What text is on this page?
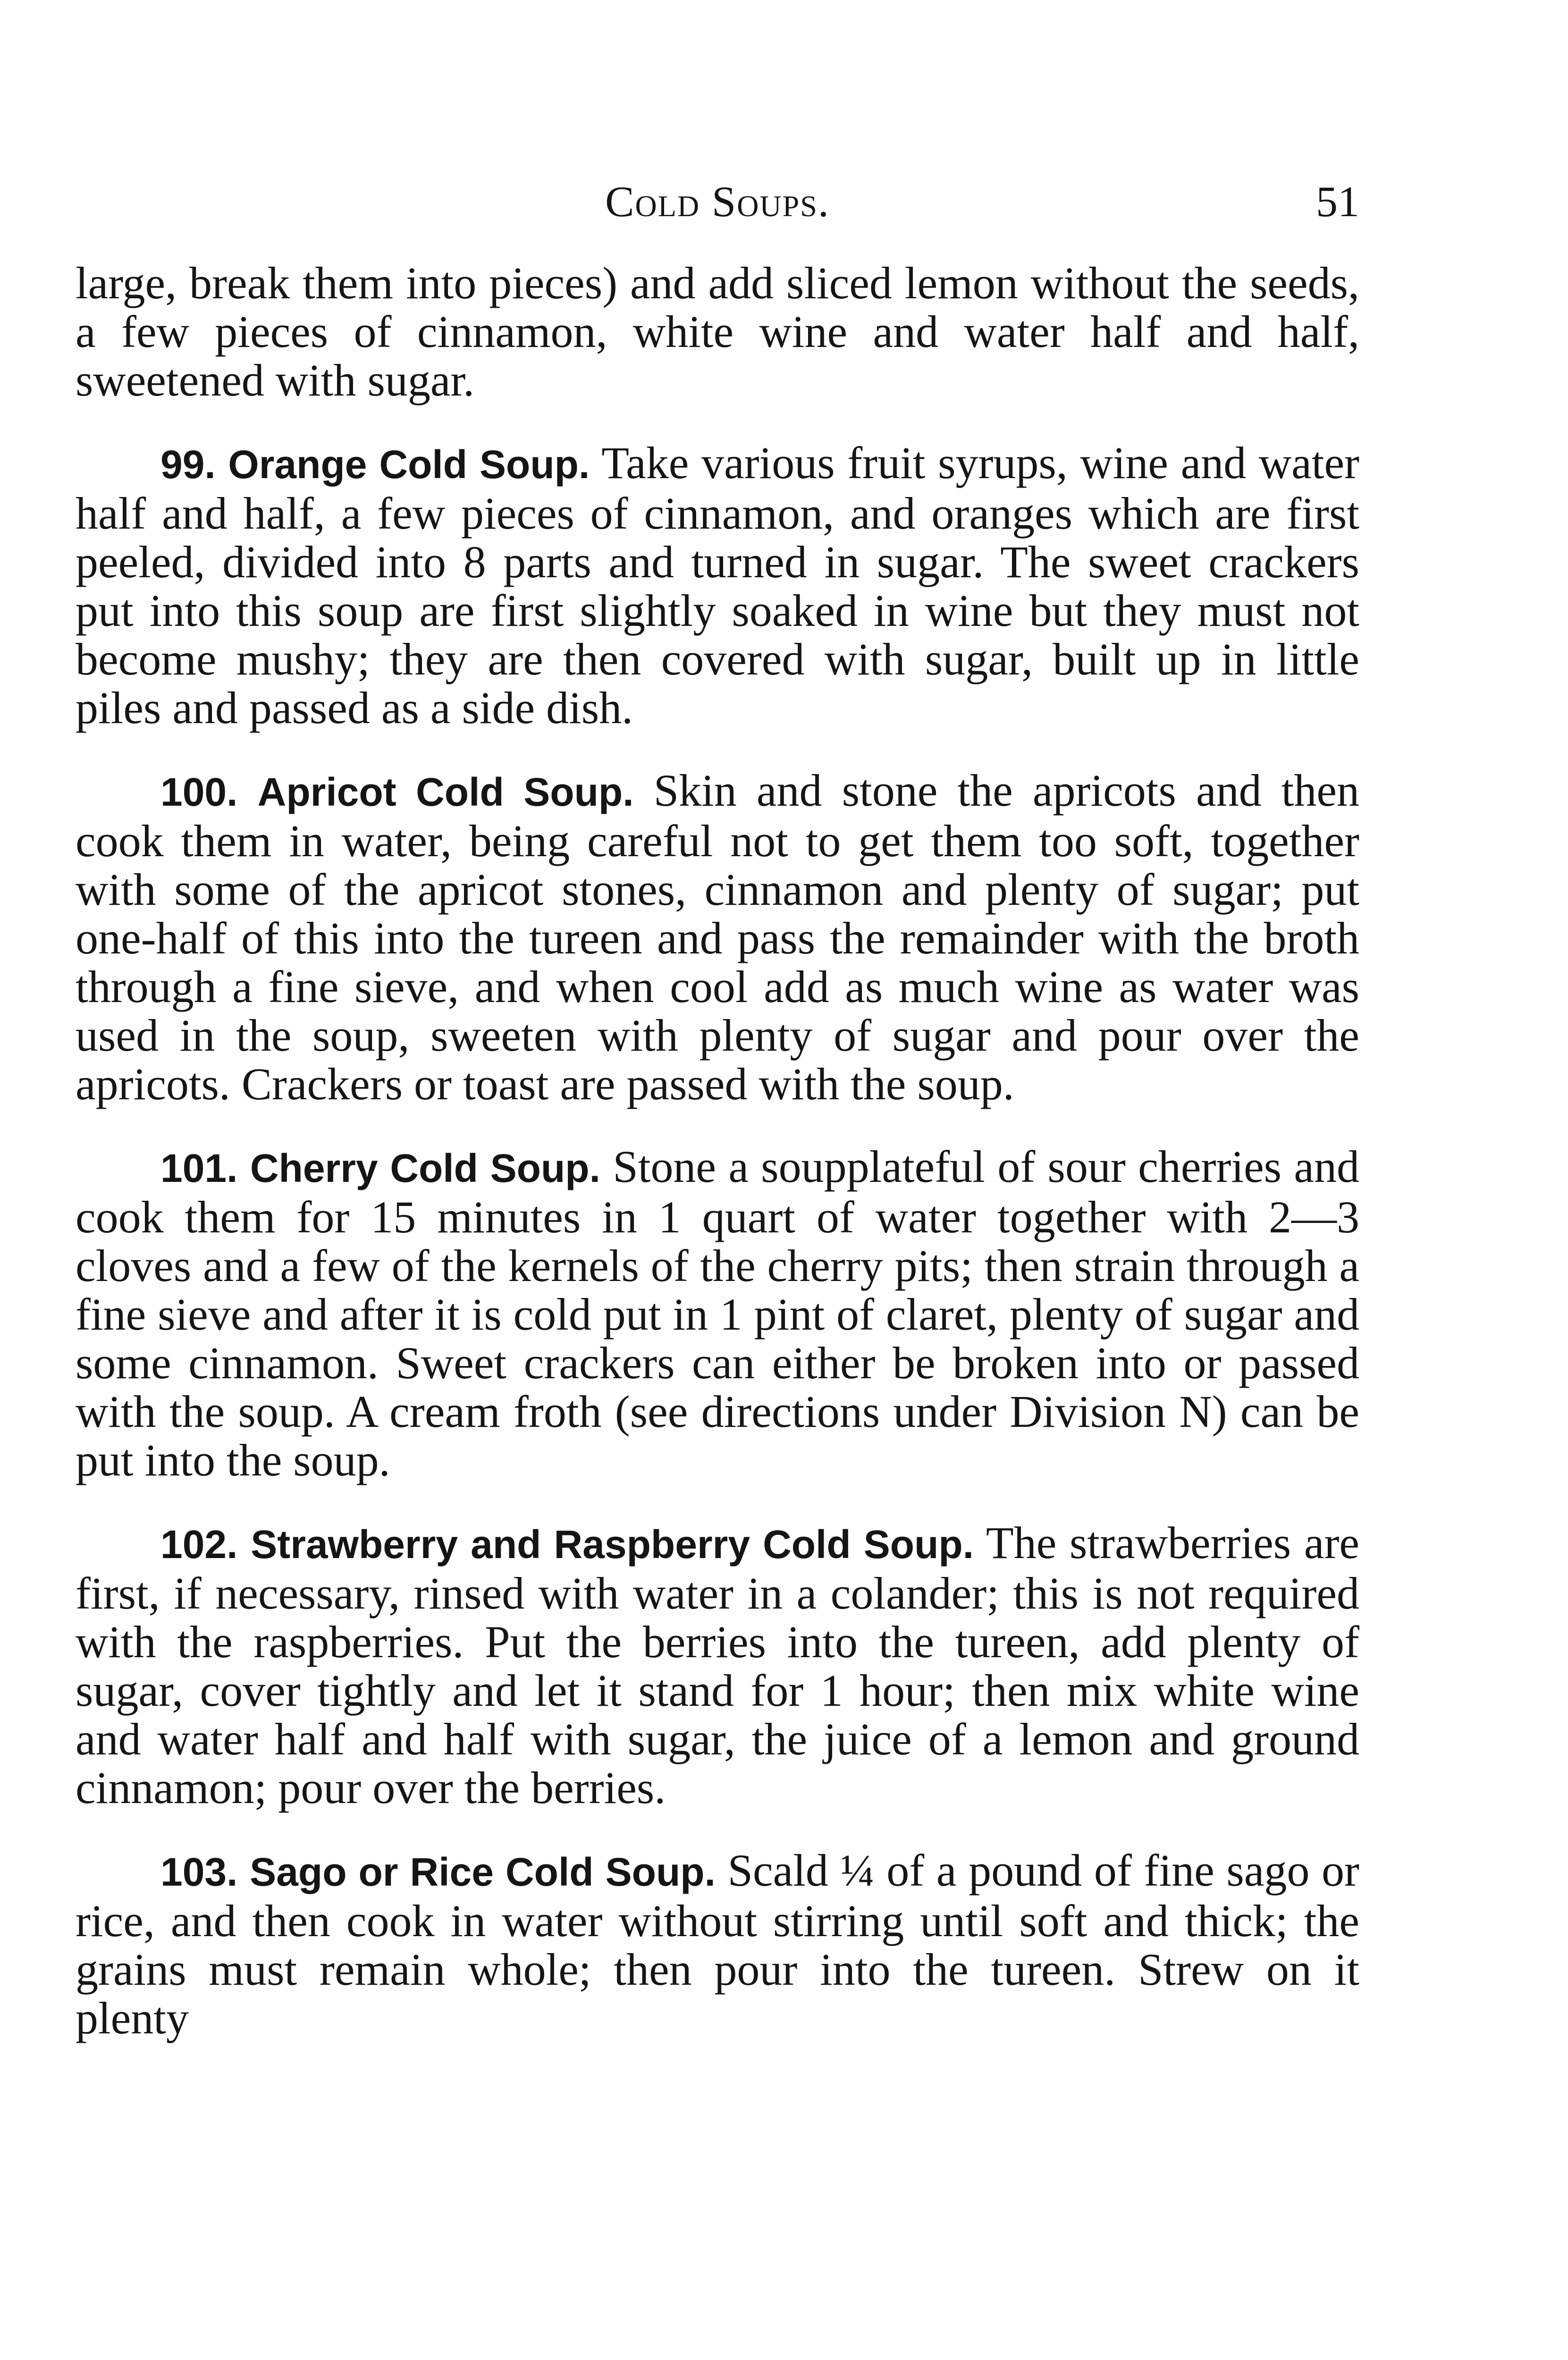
Cold Soups.	51

large, break them into pieces) and add sliced lemon without the seeds, a few pieces of cinnamon, white wine and water half and half, sweetened with sugar.

99. Orange Cold Soup. Take various fruit syrups, wine and water half and half, a few pieces of cinnamon, and oranges which are first peeled, divided into 8 parts and turned in sugar. The sweet crackers put into this soup are first slightly soaked in wine but they must not become mushy; they are then covered with sugar, built up in little piles and passed as a side dish.

100. Apricot Cold Soup. Skin and stone the apricots and then cook them in water, being careful not to get them too soft, together with some of the apricot stones, cinnamon and plenty of sugar; put one-half of this into the tureen and pass the remainder with the broth through a fine sieve, and when cool add as much wine as water was used in the soup, sweeten with plenty of sugar and pour over the apricots. Crackers or toast are passed with the soup.

101. Cherry Cold Soup. Stone a soupplateful of sour cherries and cook them for 15 minutes in 1 quart of water together with 2—3 cloves and a few of the kernels of the cherry pits; then strain through a fine sieve and after it is cold put in 1 pint of claret, plenty of sugar and some cinnamon. Sweet crackers can either be broken into or passed with the soup. A cream froth (see directions under Division N) can be put into the soup.

102. Strawberry and Raspberry Cold Soup. The strawberries are first, if necessary, rinsed with water in a colander; this is not required with the raspberries. Put the berries into the tureen, add plenty of sugar, cover tightly and let it stand for 1 hour; then mix white wine and water half and half with sugar, the juice of a lemon and ground cinnamon; pour over the berries.

103. Sago or Rice Cold Soup. Scald ¼ of a pound of fine sago or rice, and then cook in water without stirring until soft and thick; the grains must remain whole; then pour into the tureen. Strew on it plenty
